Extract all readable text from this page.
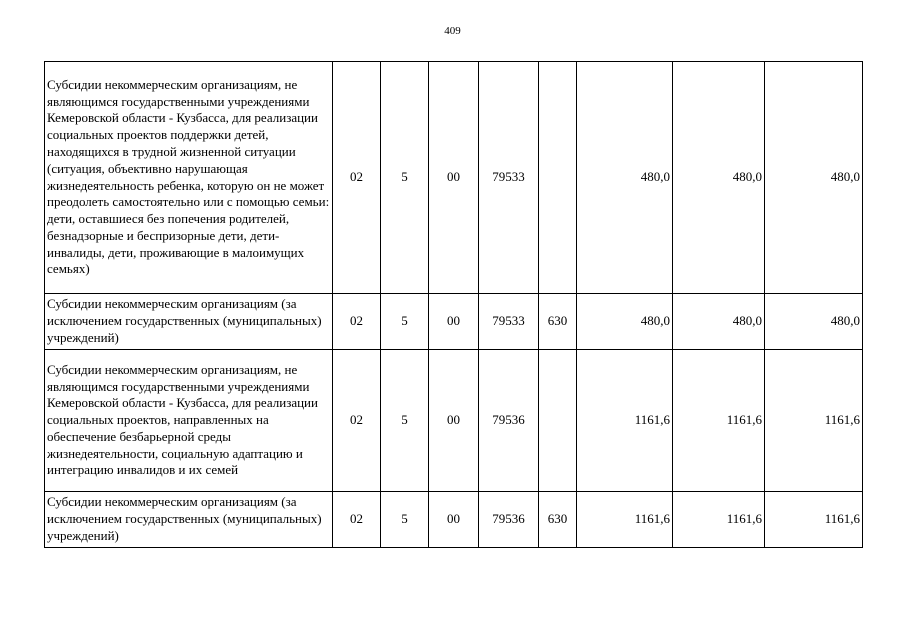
409
Субсидии некоммерческим организациям, не являющимся государственными учреждениями Кемеровской области - Кузбасса, для реализации социальных проектов поддержки детей, находящихся в трудной жизненной ситуации (ситуация, объективно нарушающая жизнедеятельность ребенка, которую он не может преодолеть самостоятельно или с помощью семьи: дети, оставшиеся без попечения родителей, безнадзорные и беспризорные дети, дети-инвалиды, дети, проживающие в малоимущих семьях)	02	5	00	79533		480,0	480,0	480,0
Субсидии некоммерческим организациям (за исключением государственных (муниципальных) учреждений)	02	5	00	79533	630	480,0	480,0	480,0
Субсидии некоммерческим организациям, не являющимся государственными учреждениями Кемеровской области - Кузбасса, для реализации социальных проектов, направленных на обеспечение безбарьерной среды жизнедеятельности, социальную адаптацию и интеграцию инвалидов и их семей	02	5	00	79536		1161,6	1161,6	1161,6
Субсидии некоммерческим организациям (за исключением государственных (муниципальных) учреждений)	02	5	00	79536	630	1161,6	1161,6	1161,6
